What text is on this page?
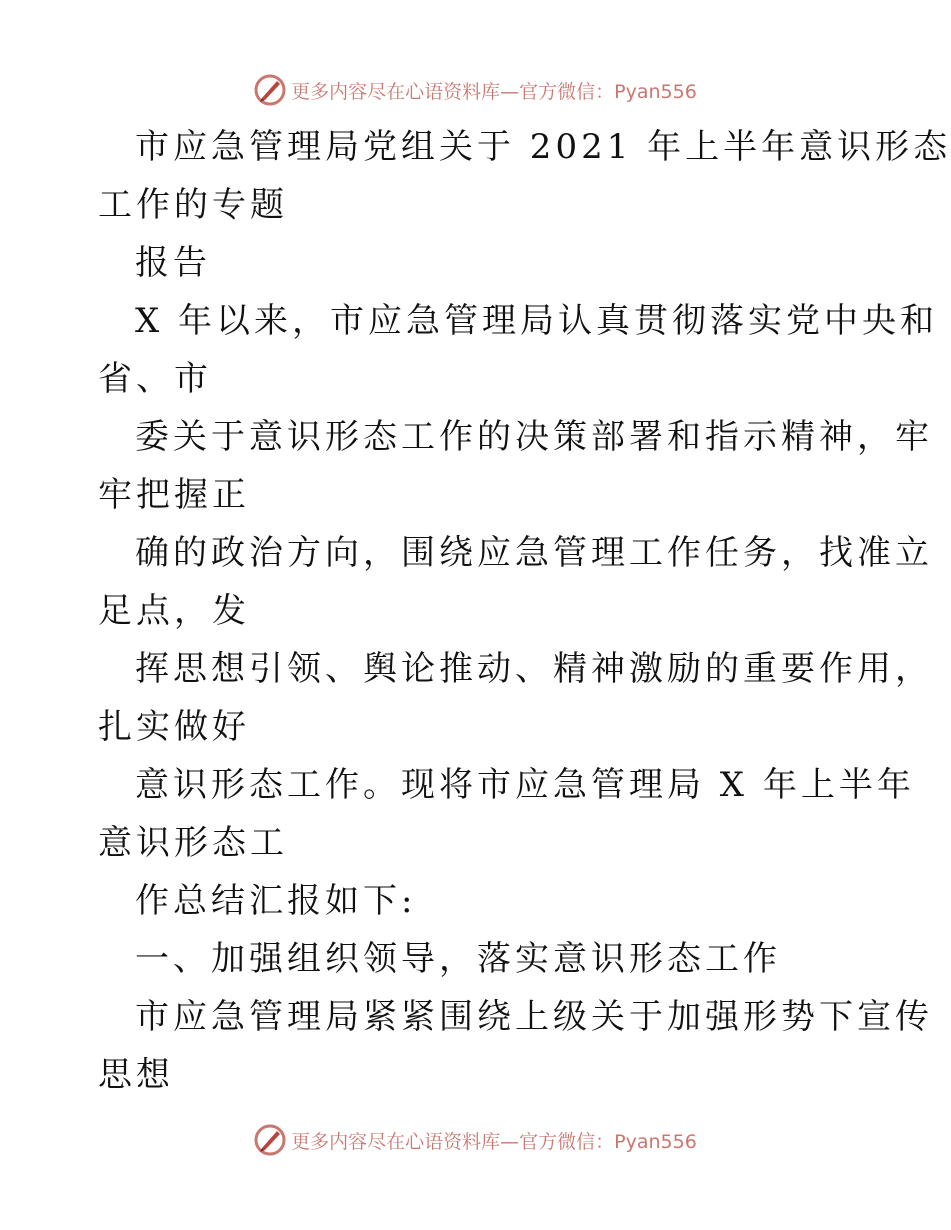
更多内容尽在心语资料库—官方微信：Pyan556
市应急管理局党组关于 2021 年上半年意识形态
工作的专题
报告
X 年以来，市应急管理局认真贯彻落实党中央和
省、市
委关于意识形态工作的决策部署和指示精神，牢
牢把握正
确的政治方向，围绕应急管理工作任务，找准立
足点，发
挥思想引领、舆论推动、精神激励的重要作用，
扎实做好
意识形态工作。现将市应急管理局 X 年上半年
意识形态工
作总结汇报如下:
一、加强组织领导，落实意识形态工作
市应急管理局紧紧围绕上级关于加强形势下宣传
思想
更多内容尽在心语资料库—官方微信：Pyan556
